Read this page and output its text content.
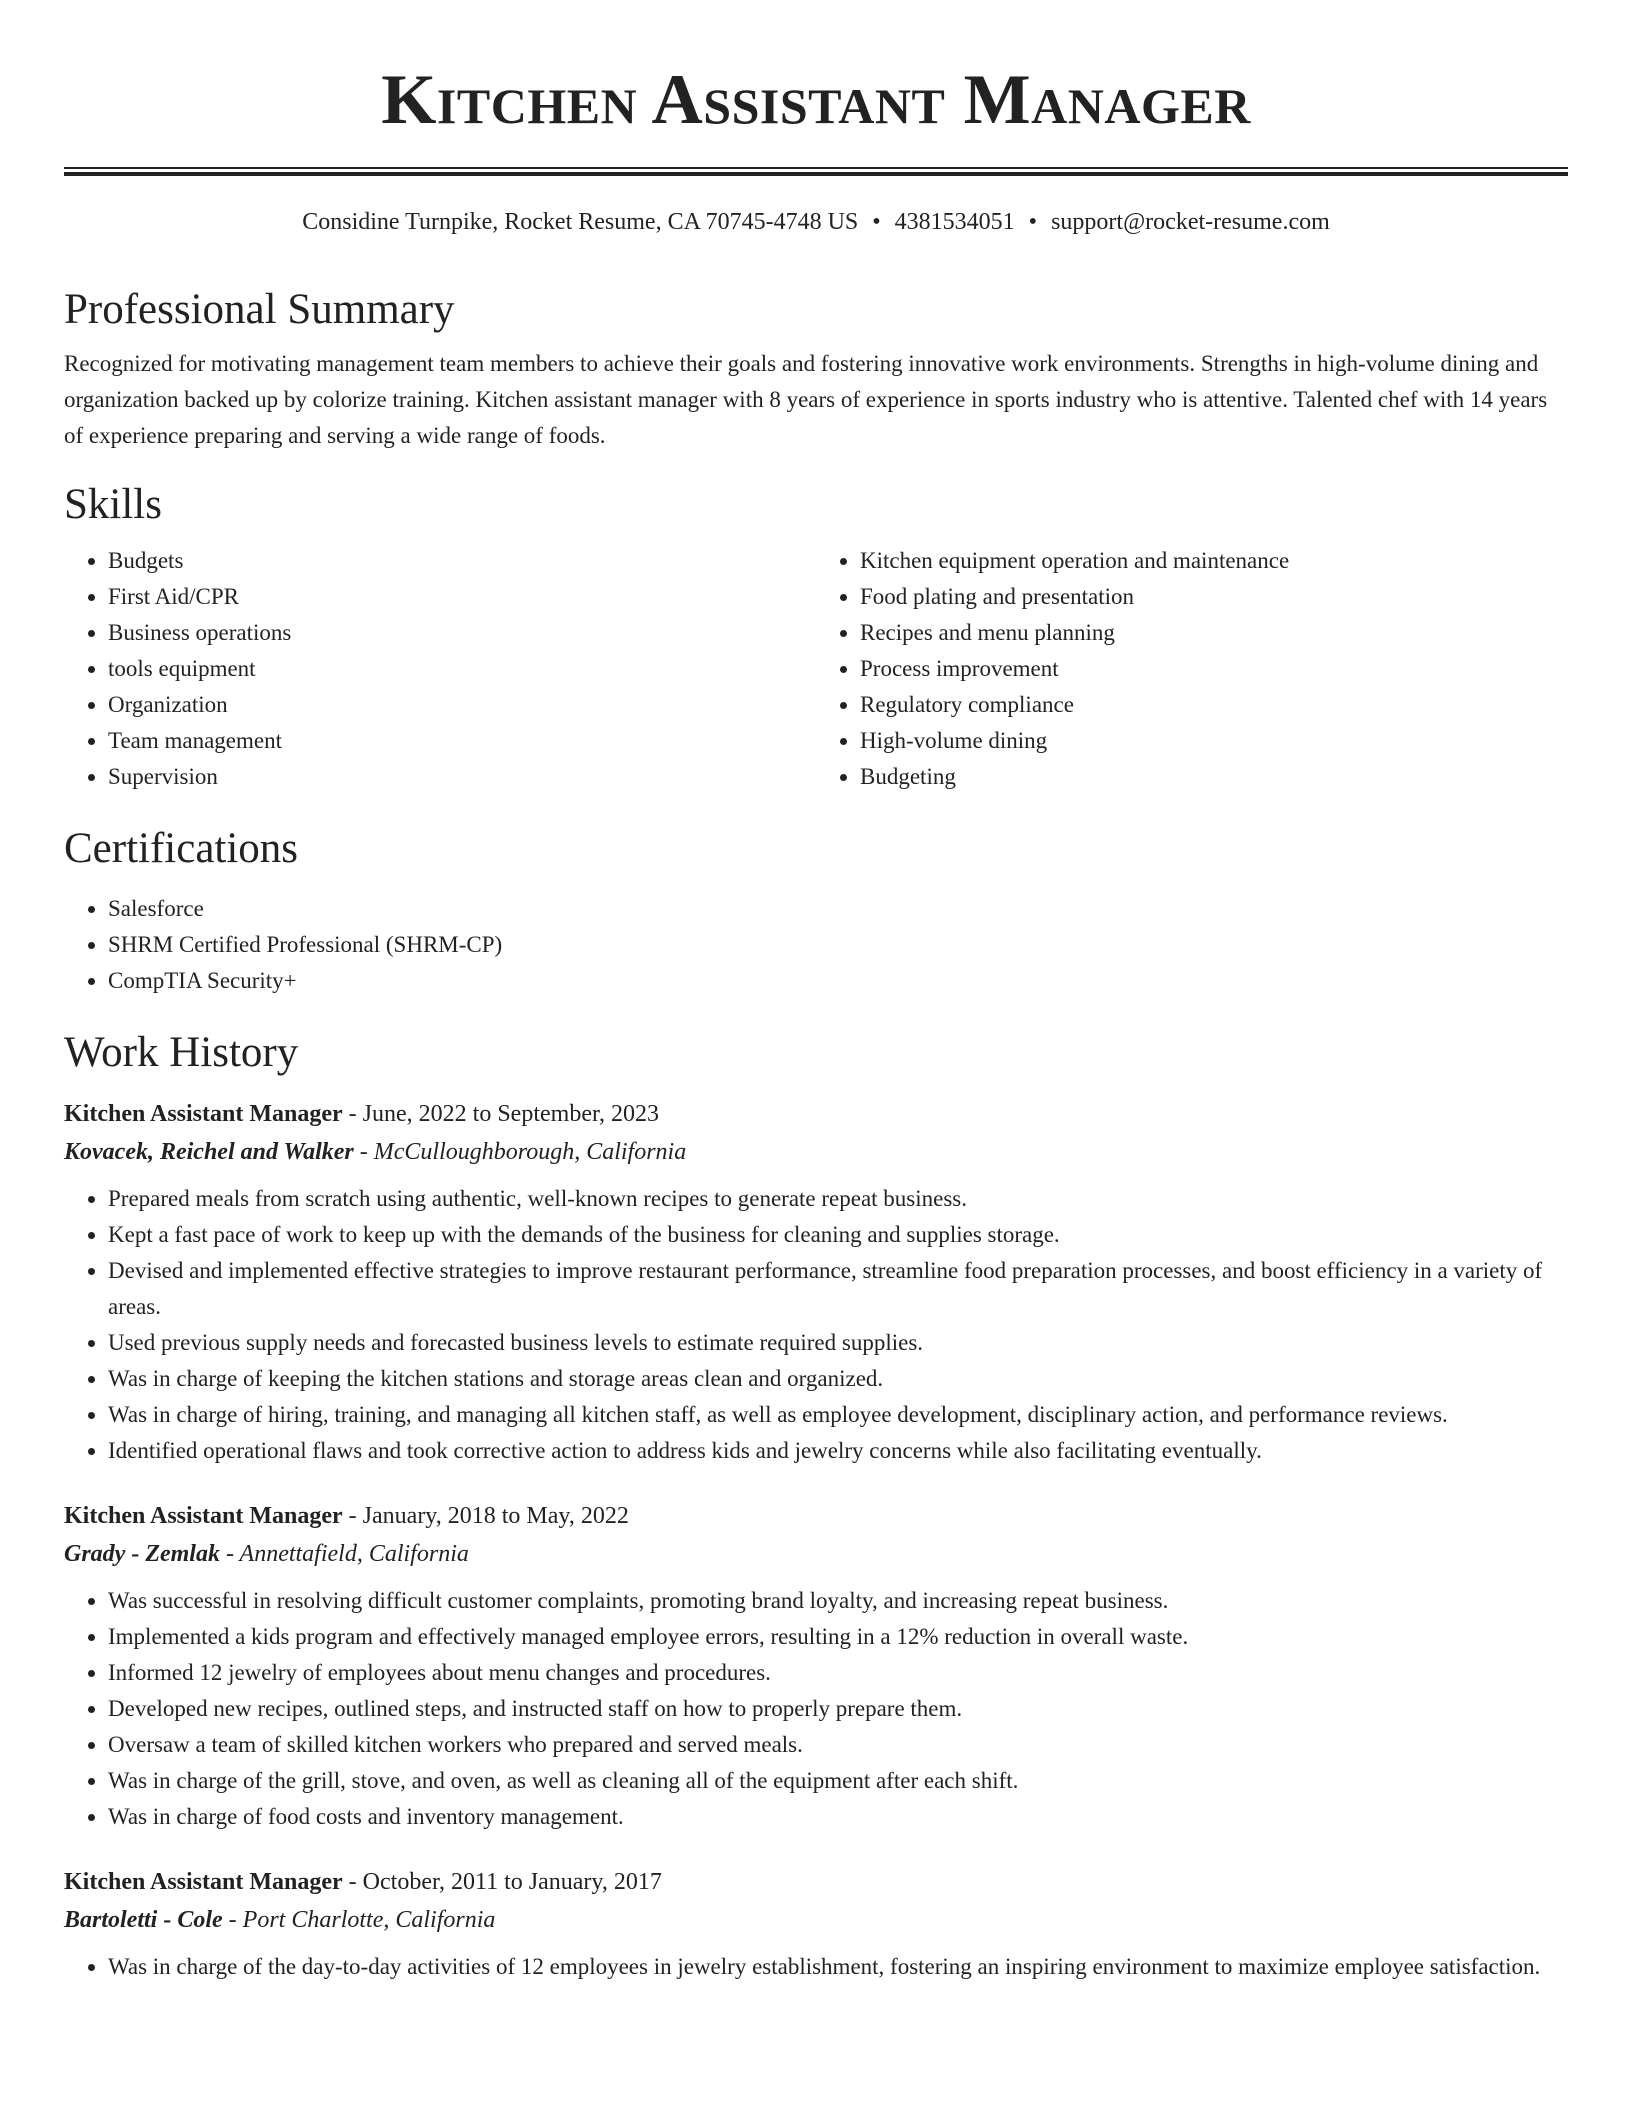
Kitchen Assistant Manager
Considine Turnpike, Rocket Resume, CA 70745-4748 US • 4381534051 • support@rocket-resume.com
Professional Summary

Recognized for motivating management team members to achieve their goals and fostering innovative work environments. Strengths in high-volume dining and organization backed up by colorize training. Kitchen assistant manager with 8 years of experience in sports industry who is attentive. Talented chef with 14 years of experience preparing and serving a wide range of foods.

Skills
• Budgets
• First Aid/CPR
• Business operations
• tools equipment
• Organization
• Team management
• Supervision
• Kitchen equipment operation and maintenance
• Food plating and presentation
• Recipes and menu planning
• Process improvement
• Regulatory compliance
• High-volume dining
• Budgeting
Certifications
• Salesforce
• SHRM Certified Professional (SHRM-CP)
• CompTIA Security+
Work History
Kitchen Assistant Manager - June, 2022 to September, 2023
Kovacek, Reichel and Walker - McCulloughborough, California
• Prepared meals from scratch using authentic, well-known recipes to generate repeat business.
• Kept a fast pace of work to keep up with the demands of the business for cleaning and supplies storage.
• Devised and implemented effective strategies to improve restaurant performance, streamline food preparation processes, and boost efficiency in a variety of areas.
• Used previous supply needs and forecasted business levels to estimate required supplies.
• Was in charge of keeping the kitchen stations and storage areas clean and organized.
• Was in charge of hiring, training, and managing all kitchen staff, as well as employee development, disciplinary action, and performance reviews.
• Identified operational flaws and took corrective action to address kids and jewelry concerns while also facilitating eventually.
Kitchen Assistant Manager - January, 2018 to May, 2022
Grady - Zemlak - Annettafield, California
• Was successful in resolving difficult customer complaints, promoting brand loyalty, and increasing repeat business.
• Implemented a kids program and effectively managed employee errors, resulting in a 12% reduction in overall waste.
• Informed 12 jewelry of employees about menu changes and procedures.
• Developed new recipes, outlined steps, and instructed staff on how to properly prepare them.
• Oversaw a team of skilled kitchen workers who prepared and served meals.
• Was in charge of the grill, stove, and oven, as well as cleaning all of the equipment after each shift.
• Was in charge of food costs and inventory management.
Kitchen Assistant Manager - October, 2011 to January, 2017
Bartoletti - Cole - Port Charlotte, California
• Was in charge of the day-to-day activities of 12 employees in jewelry establishment, fostering an inspiring environment to maximize employee satisfaction.
